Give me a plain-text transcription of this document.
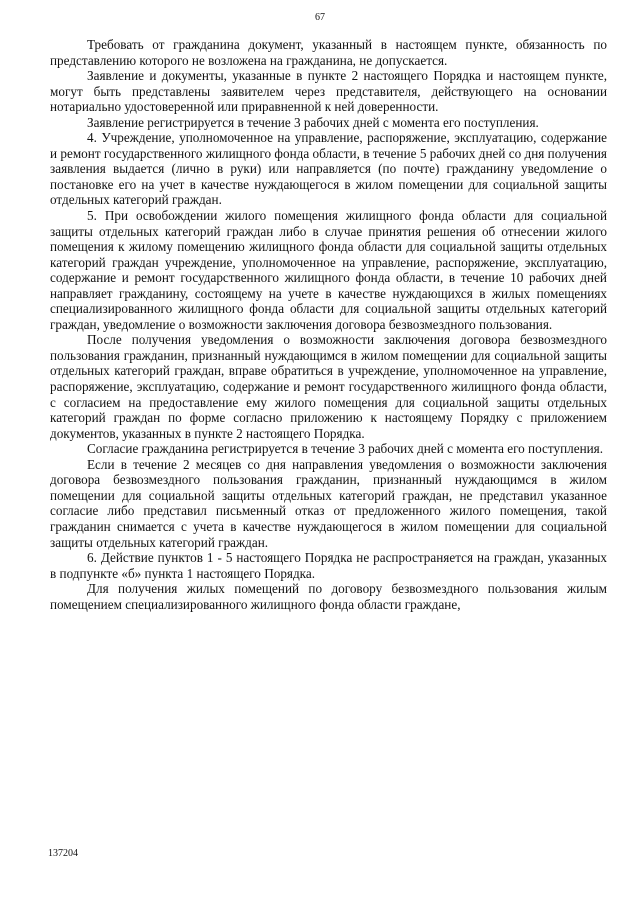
67

Требовать от гражданина документ, указанный в настоящем пункте, обязанность по представлению которого не возложена на гражданина, не допускается.

Заявление и документы, указанные в пункте 2 настоящего Порядка и настоящем пункте, могут быть представлены заявителем через представителя, действующего на основании нотариально удостоверенной или приравненной к ней доверенности.

Заявление регистрируется в течение 3 рабочих дней с момента его поступления.

4. Учреждение, уполномоченное на управление, распоряжение, эксплуатацию, содержание и ремонт государственного жилищного фонда области, в течение 5 рабочих дней со дня получения заявления выдается (лично в руки) или направляется (по почте) гражданину уведомление о постановке его на учет в качестве нуждающегося в жилом помещении для социальной защиты отдельных категорий граждан.

5. При освобождении жилого помещения жилищного фонда области для социальной защиты отдельных категорий граждан либо в случае принятия решения об отнесении жилого помещения к жилому помещению жилищного фонда области для социальной защиты отдельных категорий граждан учреждение, уполномоченное на управление, распоряжение, эксплуатацию, содержание и ремонт государственного жилищного фонда области, в течение 10 рабочих дней направляет гражданину, состоящему на учете в качестве нуждающихся в жилых помещениях специализированного жилищного фонда области для социальной защиты отдельных категорий граждан, уведомление о возможности заключения договора безвозмездного пользования.

После получения уведомления о возможности заключения договора безвозмездного пользования гражданин, признанный нуждающимся в жилом помещении для социальной защиты отдельных категорий граждан, вправе обратиться в учреждение, уполномоченное на управление, распоряжение, эксплуатацию, содержание и ремонт государственного жилищного фонда области, с согласием на предоставление ему жилого помещения для социальной защиты отдельных категорий граждан по форме согласно приложению к настоящему Порядку с приложением документов, указанных в пункте 2 настоящего Порядка.

Согласие гражданина регистрируется в течение 3 рабочих дней с момента его поступления.

Если в течение 2 месяцев со дня направления уведомления о возможности заключения договора безвозмездного пользования гражданин, признанный нуждающимся в жилом помещении для социальной защиты отдельных категорий граждан, не представил указанное согласие либо представил письменный отказ от предложенного жилого помещения, такой гражданин снимается с учета в качестве нуждающегося в жилом помещении для социальной защиты отдельных категорий граждан.

6. Действие пунктов 1 - 5 настоящего Порядка не распространяется на граждан, указанных в подпункте «б» пункта 1 настоящего Порядка.

Для получения жилых помещений по договору безвозмездного пользования жилым помещением специализированного жилищного фонда области граждане,

137204
